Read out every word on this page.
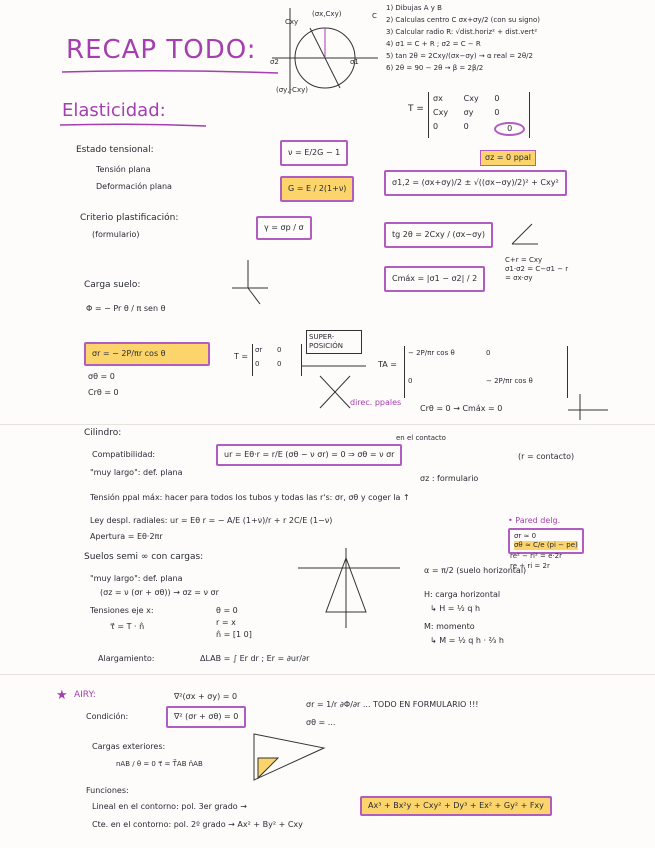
RECAP TODO:
(σx,Cxy)
Cxy
C
σ2	σ1
(σy,-Cxy)
1) Dibujas A y B
2) Calculas centro C σx+σy/2 (con su signo)
3) Calcular radio R: √dist.horiz² + dist.vert²
4) σ1 = C + R ; σ2 = C − R
5) tan 2θ = 2Cxy/(σx−σy) → α real = 2θ/2
6) 2θ = 90 − 2θ → β = 2β/2
Elasticidad:	T =
σx	Cxy	0
Cxy	σy	0
0	0	0
σz = 0 ppal
Estado tensional:
Tensión plana
Deformación plana
ν = E/2G − 1
G = E / 2(1+ν)
σ1,2 = (σx+σy)/2 ± √((σx−σy)/2)² + Cxy²
Criterio plastificación:
(formulario)
γ = σp / σ
tg 2θ = 2Cxy / (σx−σy)
Cmáx = |σ1 − σ2| / 2
C+r = Cxy
σ1·σ2 = C−σ1 − r
= σx·σy
Carga suelo:
Φ = − Pr θ / π sen θ
σr = − 2P/πr cos θ
σθ = 0
Crθ = 0
T =
σr	0
0	0
SUPER-POSICIÓN
direc. ppales
TA =
− 2P/πr cos θ	0
0	− 2P/πr cos θ
Crθ = 0 → Cmáx = 0
Cilindro:	en el contacto
Compatibilidad:	ur = Eθ·r = r/E (σθ − ν σr) = 0 ⇒ σθ = ν σr	(r = contacto)
"muy largo": def. plana
σz : formulario
Tensión ppal máx: hacer para todos los tubos y todas las r's: σr, σθ y coger la ↑
Ley despl. radiales: ur = Eθ r = − A/E (1+ν)/r + r 2C/E (1−ν)	• Pared delg.
σr ≈ 0
σθ ≈ C/e (pi − pe)
re² − ri² = e·2r
re + ri = 2r
Apertura = Eθ·2πr
Suelos semi ∞ con cargas:
"muy largo": def. plana
(σz = ν (σr + σθ)) → σz = ν σr
Tensiones eje x:	θ = 0
r = x
n̂ = [1 0]
τ⃗ = T · n̂
Alargamiento:	ΔLAB = ∫ Er dr ; Er = ∂ur/∂r
α = π/2 (suelo horizontal)
H: carga horizontal
↳ H = ½ q h
M: momento
↳ M = ½ q h · ⅔ h
★ AIRY:	∇²(σx + σy) = 0
Condición:	∇² (σr + σθ) = 0
σr = 1/r ∂Φ/∂r ... TODO EN FORMULARIO !!!
σθ = ...
Cargas exteriores:
nAB / θ = 0 τ⃗ = T⃗AB n̂AB
Funciones:
Lineal en el contorno: pol. 3er grado →	Ax³ + Bx²y + Cxy² + Dy³ + Ex² + Gy² + Fxy
Cte. en el contorno: pol. 2º grado → Ax² + By² + Cxy
